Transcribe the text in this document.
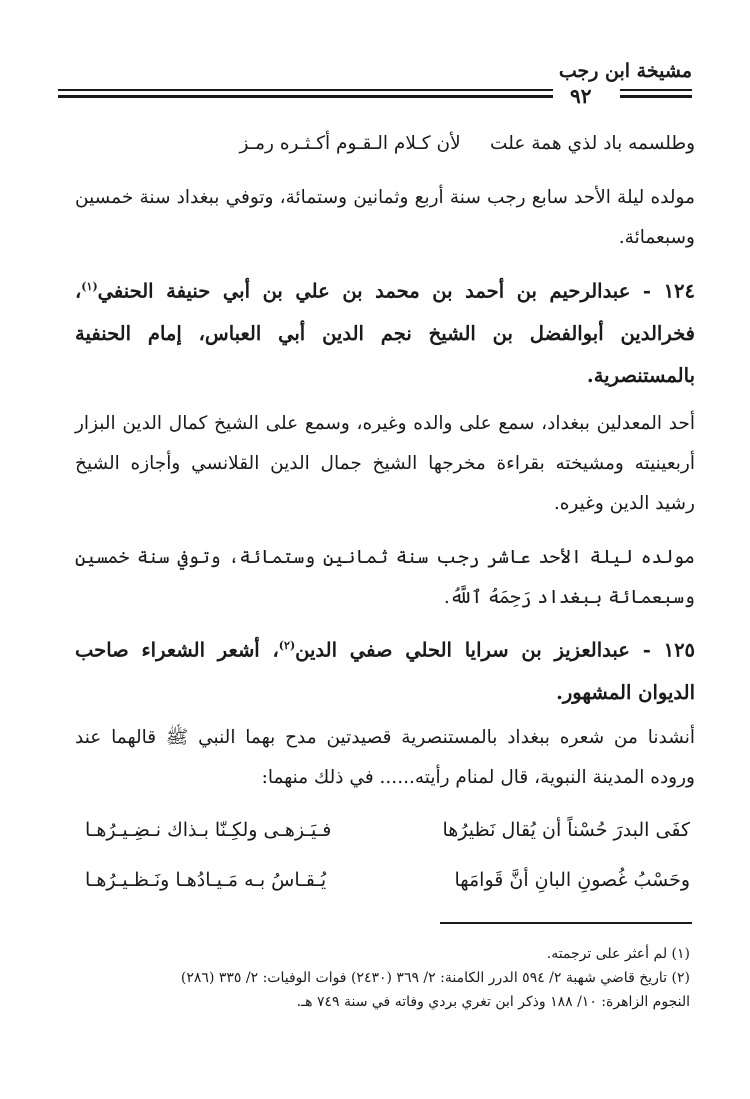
مشيخة ابن رجب
٩٢
وطلسمه باد لذي همة علت     لأن كـلام الـقـوم أكـثـره رمـز
مولده ليلة الأحد سابع رجب سنة أربع وثمانين وستمائة، وتوفي ببغداد سنة خمسين وسبعمائة.
١٢٤ - عبدالرحيم بن أحمد بن محمد بن علي بن أبي حنيفة الحنفي$^{(١)}$، فخرالدين أبوالفضل بن الشيخ نجم الدين أبي العباس، إمام الحنفية بالمستنصرية.
أحد المعدلين ببغداد، سمع على والده وغيره، وسمع على الشيخ كمال الدين البزار أربعينيته ومشيخته بقراءة مخرجها الشيخ جمال الدين القلانسي وأجازه الشيخ رشيد الدين وغيره.
مولده ليلة الأحد عاشر رجب سنة ثمانين وستمائة، وتوفي سنة خمسين وسبعمائة ببغداد رَحِمَهُ ٱللَّهُ.
١٢٥ - عبدالعزيز بن سرايا الحلي صفي الدين$^{(٢)}$، أشعر الشعراء صاحب الديوان المشهور.
أنشدنا من شعره ببغداد بالمستنصرية قصيدتين مدح بهما النبي ﷺ قالهما عند وروده المدينة النبوية، قال لمنام رأيته...... في ذلك منهما:
كفَى البدرَ حُسْناً أن يُقال نَظيرُها
فـيَـزهـى ولكِـنّا بـذاك نـضِـيـرُهـا
وحَسْبُ غُصونِ البانِ أنَّ قَوامَها
يُـقـاسُ بـه مَـيـادُهـا ونَـظـيـرُهـا
(١) لم أعثر على ترجمته.
(٢) تاريخ قاضي شهبة ٢/ ٥٩٤ الدرر الكامنة: ٢/ ٣٦٩ (٢٤٣٠) فوات الوفيات: ٢/ ٣٣٥ (٢٨٦)
النجوم الزاهرة: ١٠/ ١٨٨ وذكر ابن تغري بردي وفاته في سنة ٧٤٩ هـ.
